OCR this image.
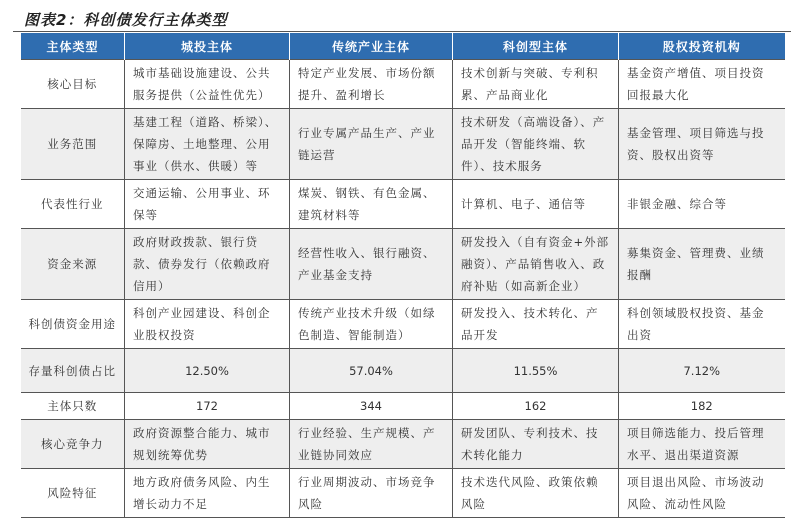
图表2：科创债发行主体类型
主体类型	城投主体	传统产业主体	科创型主体	股权投资机构
核心目标	城市基础设施建设、公共服务提供（公益性优先）	特定产业发展、市场份额提升、盈利增长	技术创新与突破、专利积累、产品商业化	基金资产增值、项目投资回报最大化
业务范围	基建工程（道路、桥梁）、保障房、土地整理、公用事业（供水、供暖）等	行业专属产品生产、产业链运营	技术研发（高端设备）、产品开发（智能终端、软件）、技术服务	基金管理、项目筛选与投资、股权出资等
代表性行业	交通运输、公用事业、环保等	煤炭、钢铁、有色金属、建筑材料等	计算机、电子、通信等	非银金融、综合等
资金来源	政府财政拨款、银行贷款、债券发行（依赖政府信用）	经营性收入、银行融资、产业基金支持	研发投入（自有资金+外部融资）、产品销售收入、政府补贴（如高新企业）	募集资金、管理费、业绩报酬
科创债资金用途	科创产业园建设、科创企业股权投资	传统产业技术升级（如绿色制造、智能制造）	研发投入、技术转化、产品开发	科创领域股权投资、基金出资
存量科创债占比	12.50%	57.04%	11.55%	7.12%
主体只数	172	344	162	182
核心竞争力	政府资源整合能力、城市规划统筹优势	行业经验、生产规模、产业链协同效应	研发团队、专利技术、技术转化能力	项目筛选能力、投后管理水平、退出渠道资源
风险特征	地方政府债务风险、内生增长动力不足	行业周期波动、市场竞争风险	技术迭代风险、政策依赖风险	项目退出风险、市场波动风险、流动性风险
